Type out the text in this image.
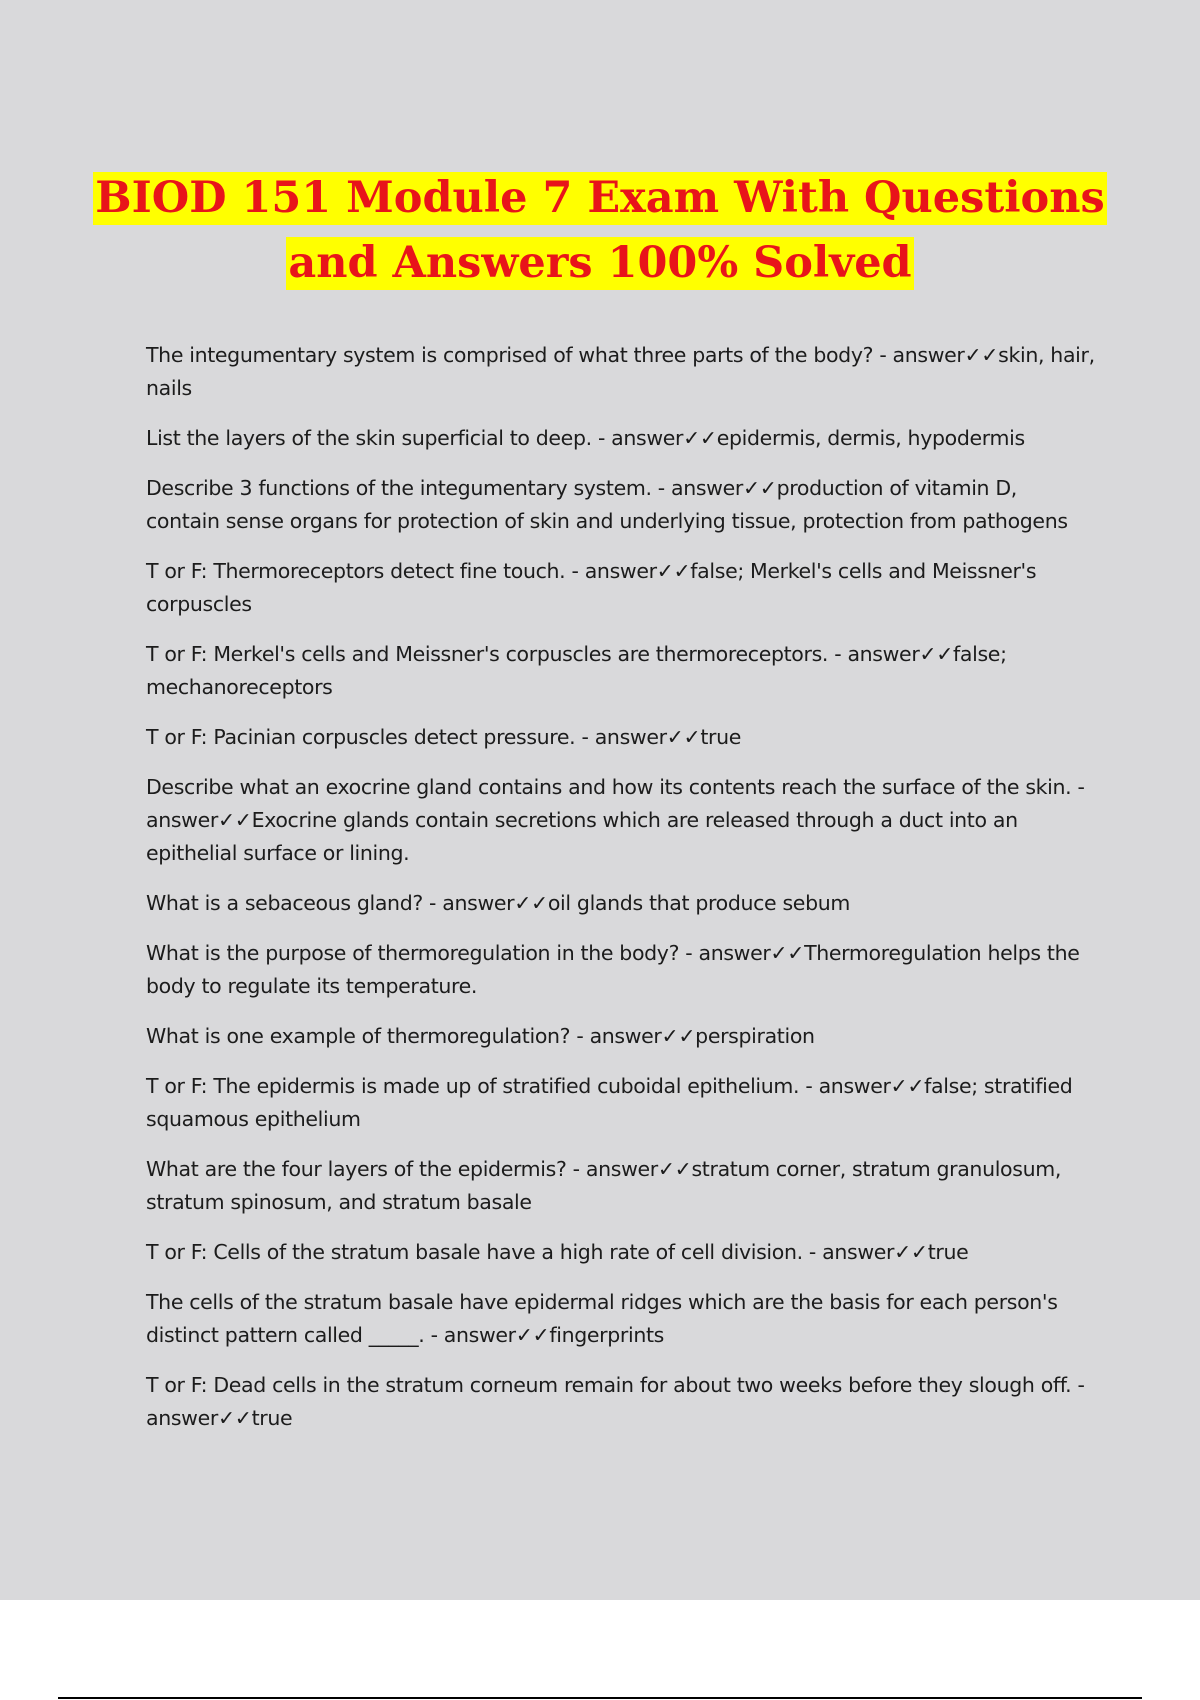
BIOD 151 Module 7 Exam With Questions
and Answers 100% Solved

The integumentary system is comprised of what three parts of the body? - answer✓✓skin, hair, nails

List the layers of the skin superficial to deep. - answer✓✓epidermis, dermis, hypodermis

Describe 3 functions of the integumentary system. - answer✓✓production of vitamin D, contain sense organs for protection of skin and underlying tissue, protection from pathogens

T or F: Thermoreceptors detect fine touch. - answer✓✓false; Merkel's cells and Meissner's corpuscles

T or F: Merkel's cells and Meissner's corpuscles are thermoreceptors. - answer✓✓false; mechanoreceptors

T or F: Pacinian corpuscles detect pressure. - answer✓✓true

Describe what an exocrine gland contains and how its contents reach the surface of the skin. - answer✓✓Exocrine glands contain secretions which are released through a duct into an epithelial surface or lining.

What is a sebaceous gland? - answer✓✓oil glands that produce sebum

What is the purpose of thermoregulation in the body? - answer✓✓Thermoregulation helps the body to regulate its temperature.

What is one example of thermoregulation? - answer✓✓perspiration

T or F: The epidermis is made up of stratified cuboidal epithelium. - answer✓✓false; stratified squamous epithelium

What are the four layers of the epidermis? - answer✓✓stratum corner, stratum granulosum, stratum spinosum, and stratum basale

T or F: Cells of the stratum basale have a high rate of cell division. - answer✓✓true

The cells of the stratum basale have epidermal ridges which are the basis for each person's distinct pattern called _____. - answer✓✓fingerprints

T or F: Dead cells in the stratum corneum remain for about two weeks before they slough off. - answer✓✓true
